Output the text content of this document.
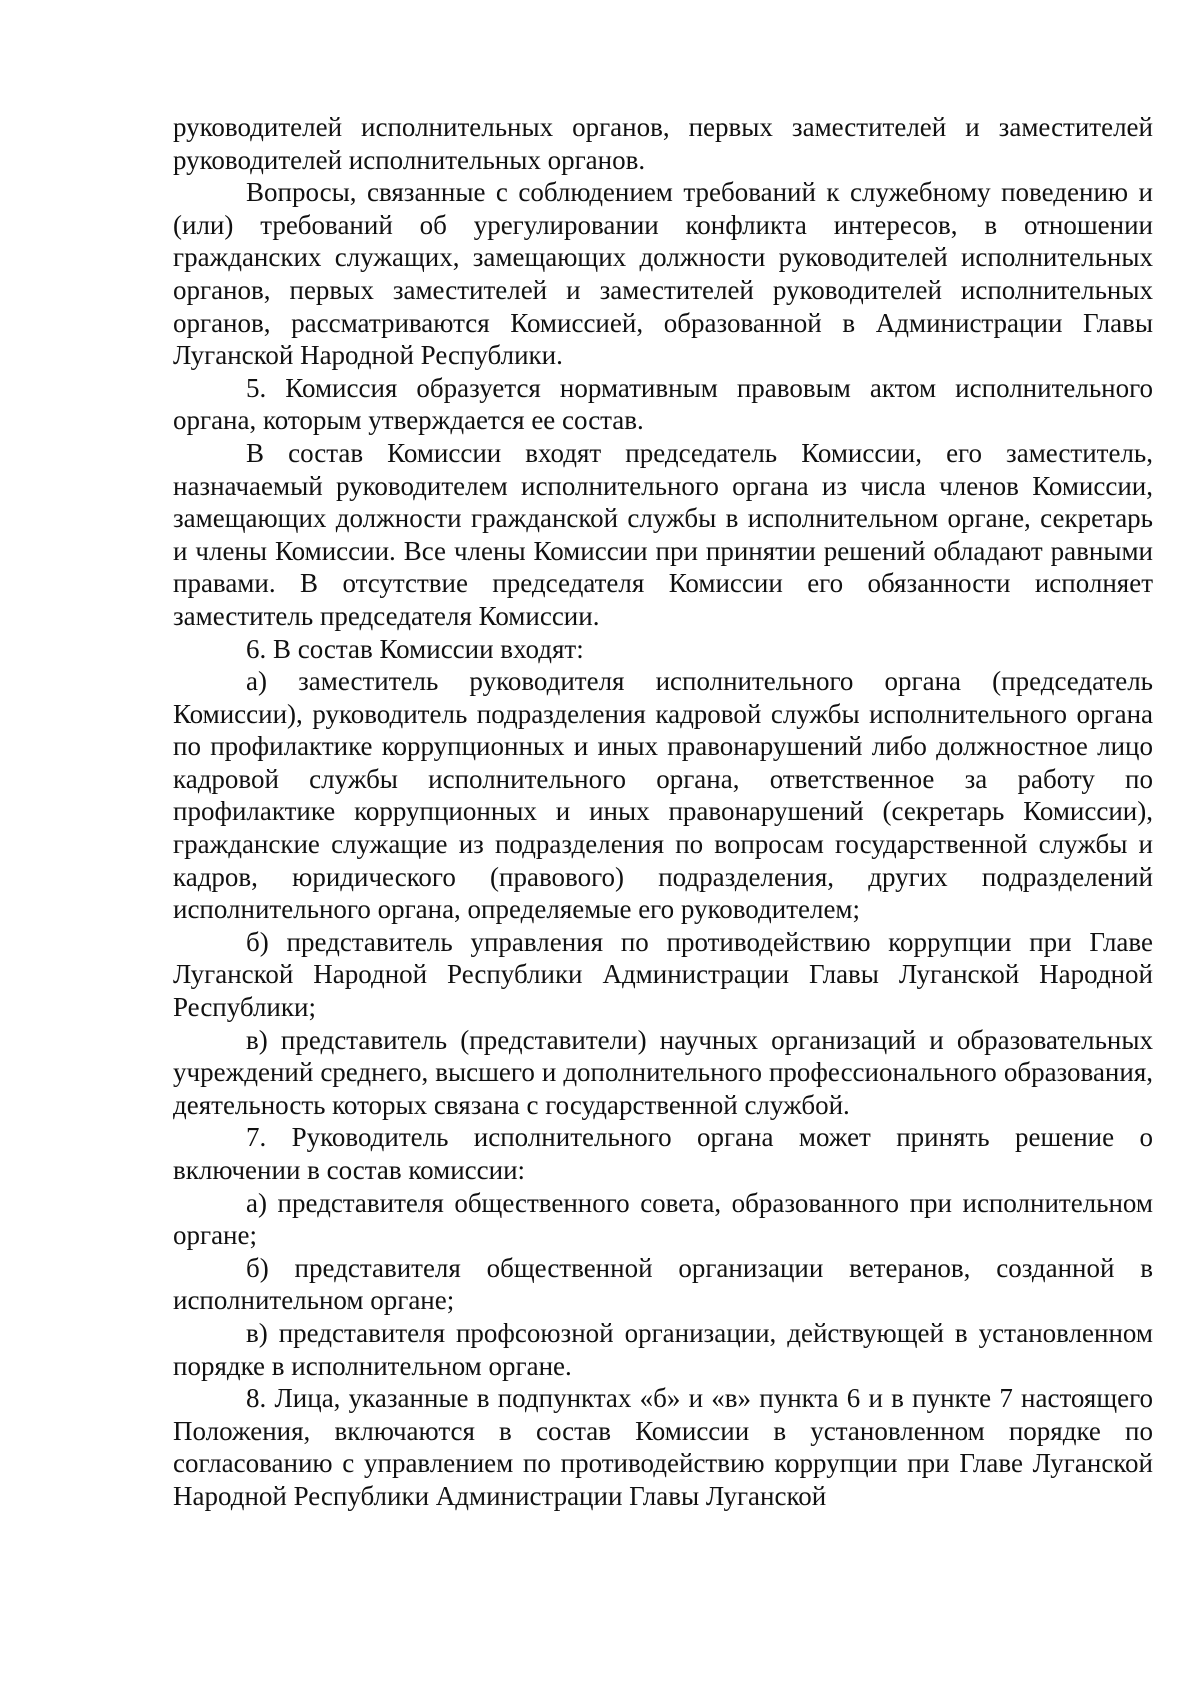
руководителей исполнительных органов, первых заместителей и заместителей руководителей исполнительных органов.

Вопросы, связанные с соблюдением требований к служебному поведению и (или) требований об урегулировании конфликта интересов, в отношении гражданских служащих, замещающих должности руководителей исполнительных органов, первых заместителей и заместителей руководителей исполнительных органов, рассматриваются Комиссией, образованной в Администрации Главы Луганской Народной Республики.

5. Комиссия образуется нормативным правовым актом исполнительного органа, которым утверждается ее состав.

В состав Комиссии входят председатель Комиссии, его заместитель, назначаемый руководителем исполнительного органа из числа членов Комиссии, замещающих должности гражданской службы в исполнительном органе, секретарь и члены Комиссии. Все члены Комиссии при принятии решений обладают равными правами. В отсутствие председателя Комиссии его обязанности исполняет заместитель председателя Комиссии.

6. В состав Комиссии входят:

а) заместитель руководителя исполнительного органа (председатель Комиссии), руководитель подразделения кадровой службы исполнительного органа по профилактике коррупционных и иных правонарушений либо должностное лицо кадровой службы исполнительного органа, ответственное за работу по профилактике коррупционных и иных правонарушений (секретарь Комиссии), гражданские служащие из подразделения по вопросам государственной службы и кадров, юридического (правового) подразделения, других подразделений исполнительного органа, определяемые его руководителем;

б) представитель управления по противодействию коррупции при Главе Луганской Народной Республики Администрации Главы Луганской Народной Республики;

в) представитель (представители) научных организаций и образовательных учреждений среднего, высшего и дополнительного профессионального образования, деятельность которых связана с государственной службой.

7. Руководитель исполнительного органа может принять решение о включении в состав комиссии:

а) представителя общественного совета, образованного при исполнительном органе;

б) представителя общественной организации ветеранов, созданной в исполнительном органе;

в) представителя профсоюзной организации, действующей в установленном порядке в исполнительном органе.

8. Лица, указанные в подпунктах «б» и «в» пункта 6 и в пункте 7 настоящего Положения, включаются в состав Комиссии в установленном порядке по согласованию с управлением по противодействию коррупции при Главе Луганской Народной Республики Администрации Главы Луганской
